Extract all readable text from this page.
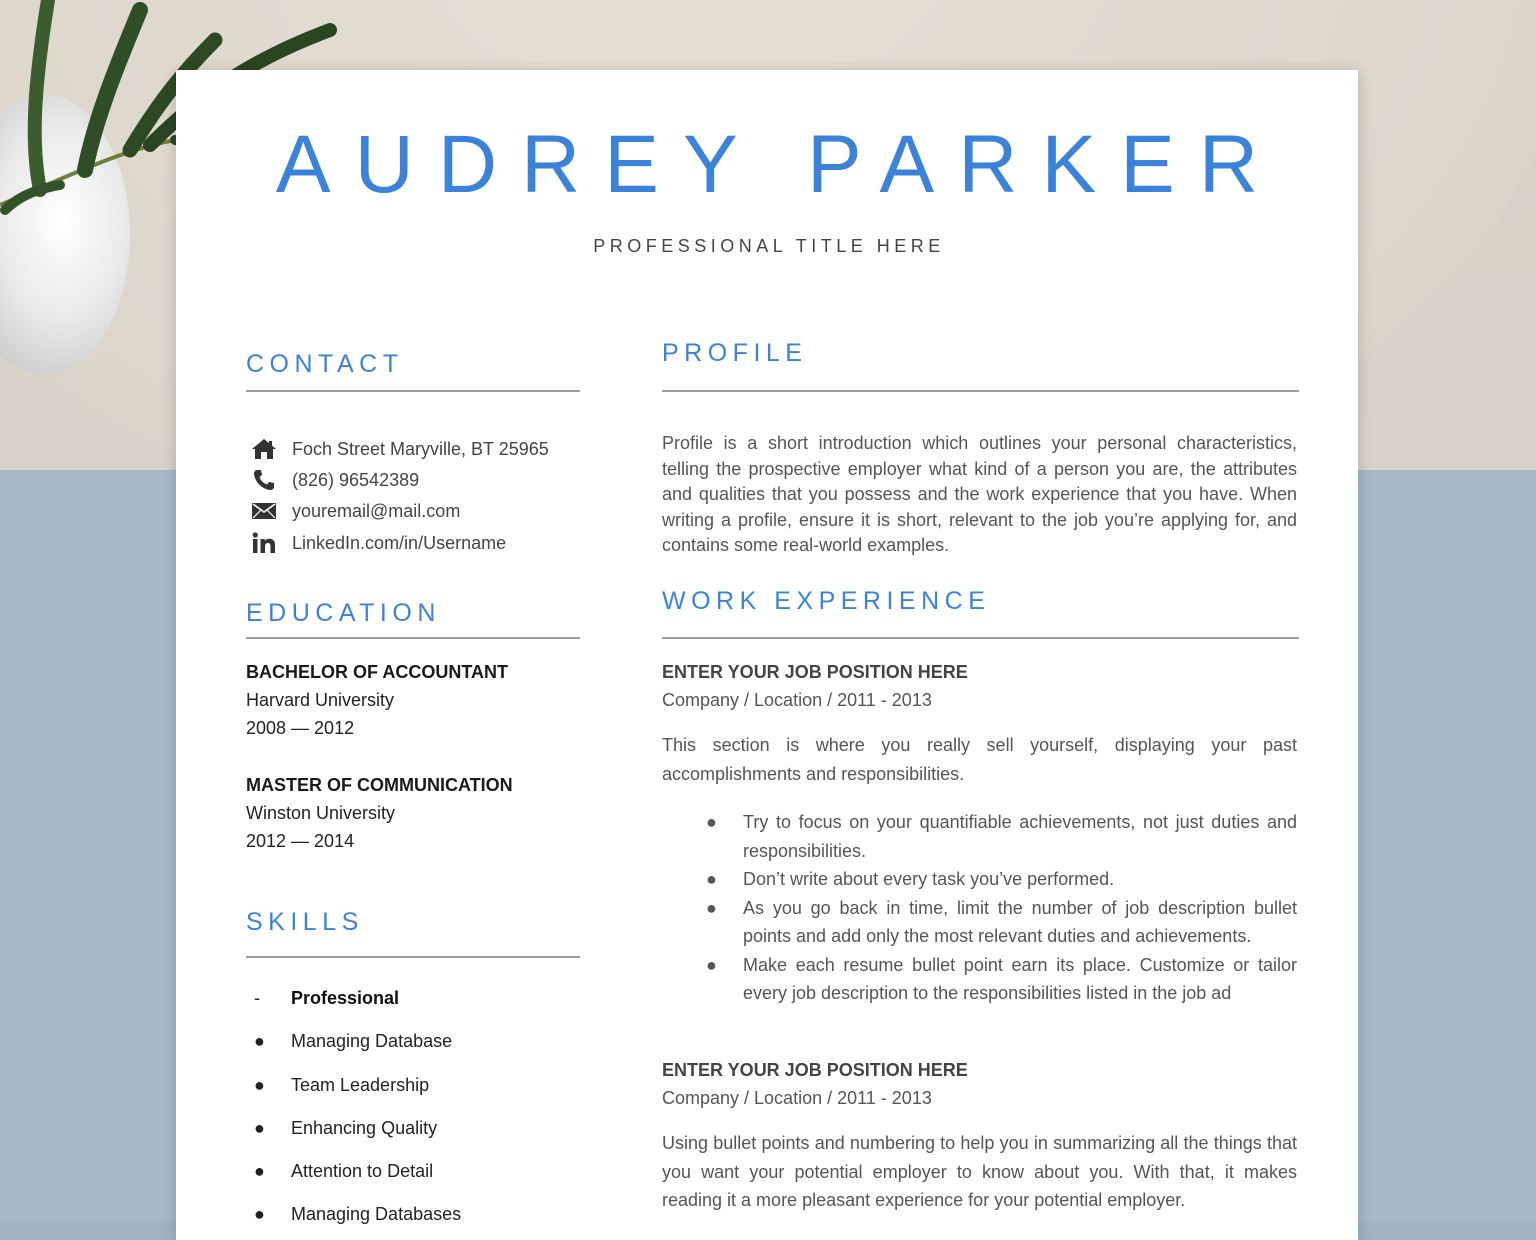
AUDREY PARKER
PROFESSIONAL TITLE HERE
CONTACT
Foch Street Maryville, BT 25965
(826) 96542389
youremail@mail.com
LinkedIn.com/in/Username
EDUCATION
BACHELOR OF ACCOUNTANT
Harvard University
2008 — 2012
MASTER OF COMMUNICATION
Winston University
2012 — 2014
SKILLS
-	Professional
●	Managing Database
●	Team Leadership
●	Enhancing Quality
●	Attention to Detail
●	Managing Databases
PROFILE
Profile is a short introduction which outlines your personal characteristics, telling the prospective employer what kind of a person you are, the attributes and qualities that you possess and the work experience that you have. When writing a profile, ensure it is short, relevant to the job you’re applying for, and contains some real-world examples.
WORK EXPERIENCE
ENTER YOUR JOB POSITION HERE
Company / Location / 2011 - 2013
This section is where you really sell yourself, displaying your past accomplishments and responsibilities.
●	Try to focus on your quantifiable achievements, not just duties and responsibilities.
●	Don’t write about every task you’ve performed.
●	As you go back in time, limit the number of job description bullet points and add only the most relevant duties and achievements.
●	Make each resume bullet point earn its place. Customize or tailor every job description to the responsibilities listed in the job ad
ENTER YOUR JOB POSITION HERE
Company / Location / 2011 - 2013
Using bullet points and numbering to help you in summarizing all the things that you want your potential employer to know about you. With that, it makes reading it a more pleasant experience for your potential employer.
